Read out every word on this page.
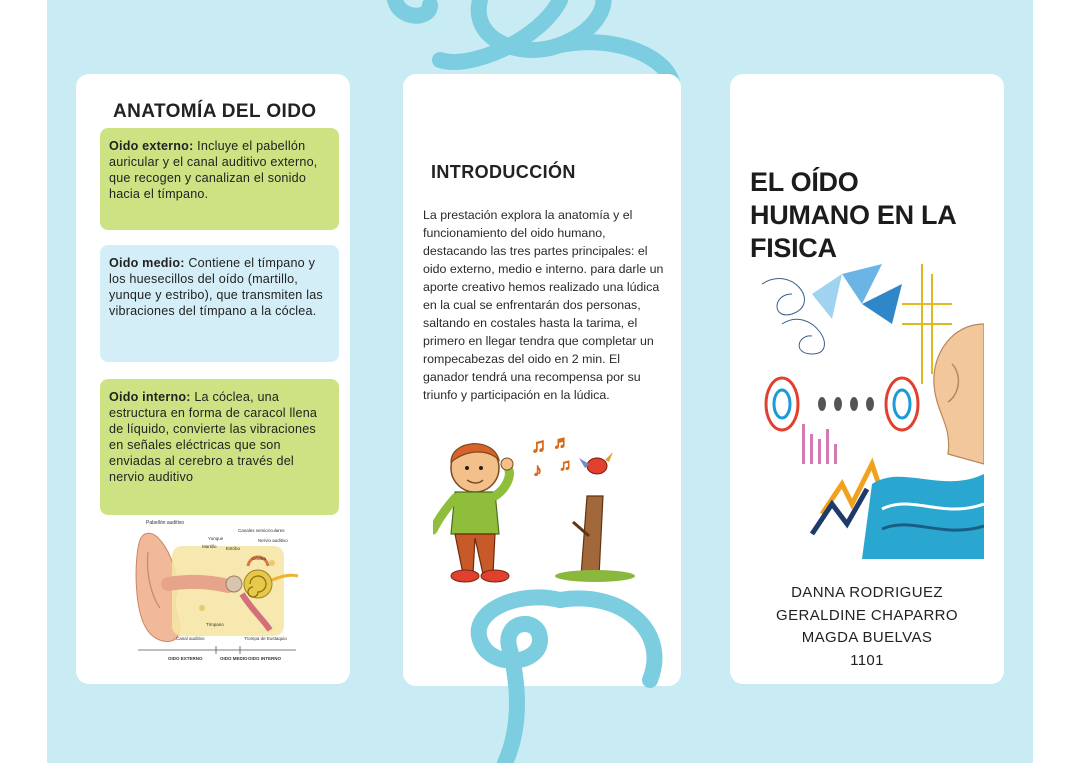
ANATOMÍA DEL OIDO
Oido externo: Incluye el pabellón auricular y el canal auditivo externo, que recogen y canalizan el sonido hacia el tímpano.
Oido medio: Contiene el tímpano y los huesecillos del oído (martillo, yunque y estribo), que transmiten las vibraciones del tímpano a la cóclea.
Oido interno: La cóclea, una estructura en forma de caracol llena de líquido, convierte las vibraciones en señales eléctricas que son enviadas al cerebro a través del nervio auditivo
Pabellón auditivo
Yunque
Martillo
Canales semicirculares
Estribo
Nervio auditivo
Cóclea
Tímpano
Canal auditivo	Trompa de Eustaquio
OIDO EXTERNO	OIDO MEDIO OIDO INTERNO
INTRODUCCIÓN
La prestación explora la anatomía y el funcionamiento del oido humano, destacando las tres partes principales: el oido externo, medio e interno. para darle un aporte creativo hemos realizado una lúdica en la cual se enfrentarán dos personas, saltando en costales hasta la tarima, el primero en llegar tendra que completar un rompecabezas del oido en 2 min. El ganador tendrá una recompensa por su triunfo y participación en la lúdica.
♫ ♬
♪ ♫
EL OÍDO
HUMANO EN LA
FISICA
DANNA RODRIGUEZ
GERALDINE CHAPARRO
MAGDA BUELVAS
1101
